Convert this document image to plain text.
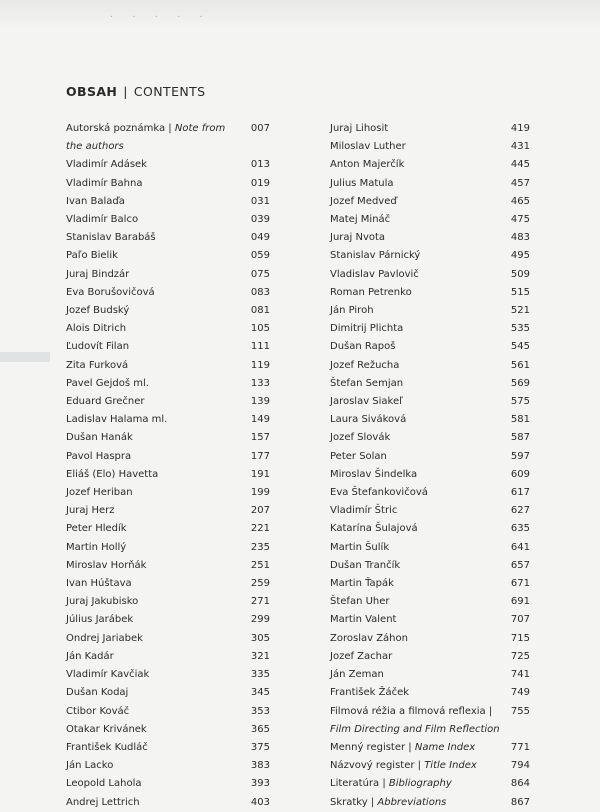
· · · · ·
OBSAH | CONTENTS
Autorská poznámka | Note from the authors
007
Vladimír Adásek	013
Vladimír Bahna	019
Ivan Balaďa	031
Vladimír Balco	039
Stanislav Barabáš	049
Paľo Bielik	059
Juraj Bindzár	075
Eva Borušovičová	083
Jozef Budský	081
Alois Ditrich	105
Ľudovít Filan	111
Zita Furková	119
Pavel Gejdoš ml.	133
Eduard Grečner	139
Ladislav Halama ml.	149
Dušan Hanák	157
Pavol Haspra	177
Eliáš (Elo) Havetta	191
Jozef Heriban	199
Juraj Herz	207
Peter Hledík	221
Martin Hollý	235
Miroslav Horňák	251
Ivan Húštava	259
Juraj Jakubisko	271
Július Jarábek	299
Ondrej Jariabek	305
Ján Kadár	321
Vladimír Kavčiak	335
Dušan Kodaj	345
Ctibor Kováč	353
Otakar Krivánek	365
František Kudláč	375
Ján Lacko	383
Leopold Lahola	393
Andrej Lettrich	403
Juraj Lihosit	419
Miloslav Luther	431
Anton Majerčík	445
Julius Matula	457
Jozef Medveď	465
Matej Mináč	475
Juraj Nvota	483
Stanislav Párnický	495
Vladislav Pavlovič	509
Roman Petrenko	515
Ján Piroh	521
Dimitrij Plichta	535
Dušan Rapoš	545
Jozef Režucha	561
Štefan Semjan	569
Jaroslav Siakeľ	575
Laura Siváková	581
Jozef Slovák	587
Peter Solan	597
Miroslav Šindelka	609
Eva Štefankovičová	617
Vladimír Štric	627
Katarína Šulajová	635
Martin Šulík	641
Dušan Trančík	657
Martin Ťapák	671
Štefan Uher	691
Martin Valent	707
Zoroslav Záhon	715
Jozef Zachar	725
Ján Zeman	741
František Žáček	749
Filmová réžia a filmová reflexia | Film Directing and Film Reflection
755
Menný register | Name Index	771
Názvový register | Title Index	794
Literatúra | Bibliography	864
Skratky | Abbreviations	867
